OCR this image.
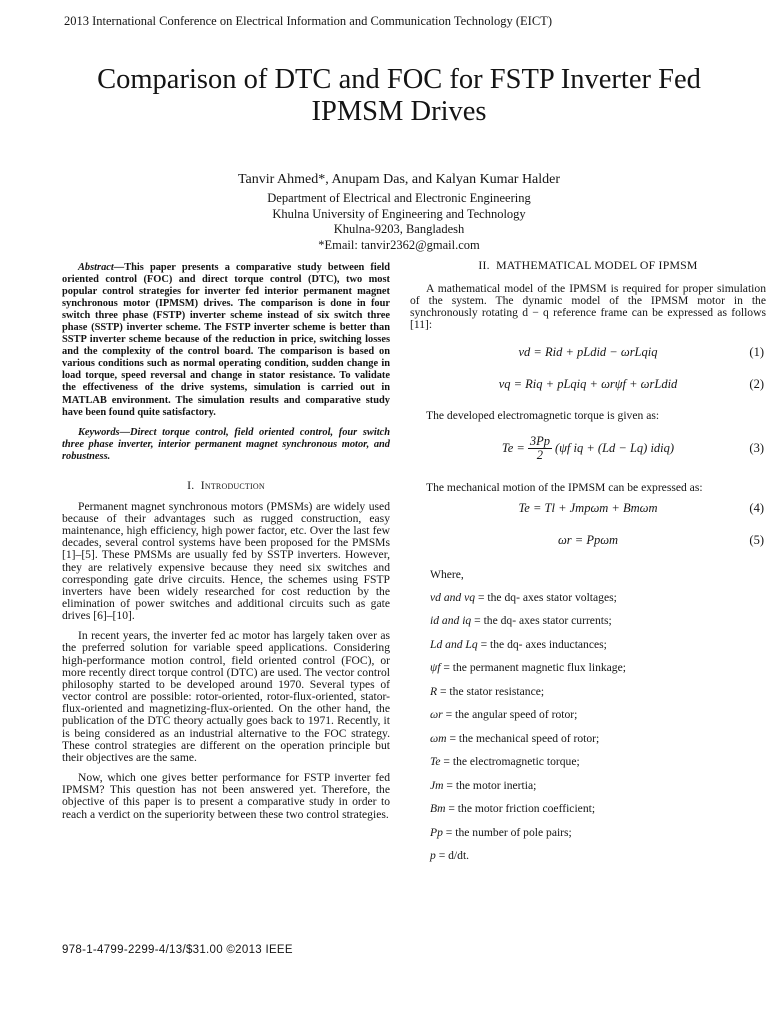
2013 International Conference on Electrical Information and Communication Technology (EICT)
Comparison of DTC and FOC for FSTP Inverter Fed
IPMSM Drives
Tanvir Ahmed*, Anupam Das, and Kalyan Kumar Halder
Department of Electrical and Electronic Engineering
Khulna University of Engineering and Technology
Khulna-9203, Bangladesh
*Email: tanvir2362@gmail.com

Abstract—This paper presents a comparative study between field oriented control (FOC) and direct torque control (DTC), two most popular control strategies for inverter fed interior permanent magnet synchronous motor (IPMSM) drives. The comparison is done in four switch three phase (FSTP) inverter scheme instead of six switch three phase (SSTP) inverter scheme. The FSTP inverter scheme is better than SSTP inverter scheme because of the reduction in price, switching losses and the complexity of the control board. The comparison is based on various conditions such as normal operating condition, sudden change in load torque, speed reversal and change in stator resistance. To validate the effectiveness of the drive systems, simulation is carried out in MATLAB environment. The simulation results and comparative study have been found quite satisfactory.

Keywords—Direct torque control, field oriented control, four switch three phase inverter, interior permanent magnet synchronous motor, and robustness.

I. Introduction

Permanent magnet synchronous motors (PMSMs) are widely used because of their advantages such as rugged construction, easy maintenance, high efficiency, high power factor, etc. Over the last few decades, several control systems have been proposed for the PMSMs [1]–[5]. These PMSMs are usually fed by SSTP inverters. However, they are relatively expensive because they need six switches and corresponding gate drive circuits. Hence, the schemes using FSTP inverters have been widely researched for cost reduction by the elimination of power switches and additional circuits such as gate drives [6]–[10].

In recent years, the inverter fed ac motor has largely taken over as the preferred solution for variable speed applications. Considering high-performance motion control, field oriented control (FOC), or more recently direct torque control (DTC) are used. The vector control philosophy started to be developed around 1970. Several types of vector control are possible: rotor-oriented, rotor-flux-oriented, stator-flux-oriented and magnetizing-flux-oriented. On the other hand, the publication of the DTC theory actually goes back to 1971. Recently, it is being considered as an industrial alternative to the FOC strategy. These control strategies are different on the operation principle but their objectives are the same.

Now, which one gives better performance for FSTP inverter fed IPMSM? This question has not been answered yet. Therefore, the objective of this paper is to present a comparative study in order to reach a verdict on the superiority between these two control strategies.

II. MATHEMATICAL MODEL OF IPMSM

A mathematical model of the IPMSM is required for proper simulation of the system. The dynamic model of the IPMSM motor in the synchronously rotating d − q reference frame can be expressed as follows [11]:

vd = Rid + pLdid − ωrLqiq	(1)
vq = Riq + pLqiq + ωrψf + ωrLdid	(2)

The developed electromagnetic torque is given as:

$Te = \frac{3Pp}{2} (\psi f$ iq + (Ld − Lq) idiq)	(3)

The mechanical motion of the IPMSM can be expressed as:

Te = Tl + Jmpωm + Bmωm	(4)
ωr = Ppωm	(5)

Where,

vd and vq = the dq- axes stator voltages;

id and iq = the dq- axes stator currents;

Ld and Lq = the dq- axes inductances;

ψf = the permanent magnetic flux linkage;

R = the stator resistance;

ωr = the angular speed of rotor;

ωm = the mechanical speed of rotor;

Te = the electromagnetic torque;

Jm = the motor inertia;

Bm = the motor friction coefficient;

Pp = the number of pole pairs;

p = d/dt.

978-1-4799-2299-4/13/$31.00 ©2013 IEEE
